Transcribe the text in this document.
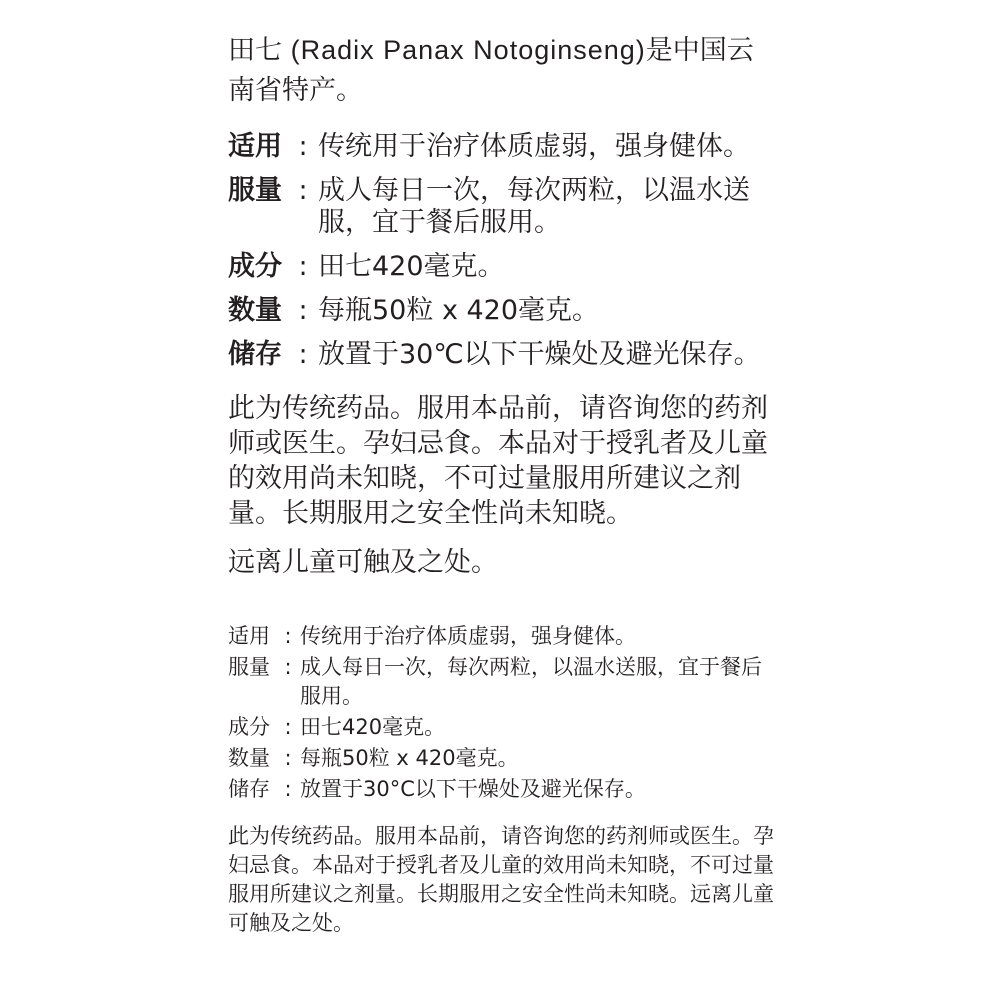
田七 (Radix Panax Notoginseng)是中国云南省特产。

适用 : 传统用于治疗体质虚弱，强身健体。
服量 : 成人每日一次，每次两粒，以温水送服，宜于餐后服用。
成分 : 田七420毫克。
数量 : 每瓶50粒 x 420毫克。
储存 : 放置于30℃以下干燥处及避光保存。

此为传统药品。服用本品前，请咨询您的药剂师或医生。孕妇忌食。本品对于授乳者及儿童的效用尚未知晓，不可过量服用所建议之剂量。长期服用之安全性尚未知晓。

远离儿童可触及之处。

适用 : 传统用于治疗体质虚弱，强身健体。
服量 : 成人每日一次，每次两粒，以温水送服，宜于餐后服用。
成分 : 田七420毫克。
数量 : 每瓶50粒 x 420毫克。
储存 : 放置于30°C以下干燥处及避光保存。

此为传统药品。服用本品前，请咨询您的药剂师或医生。孕妇忌食。本品对于授乳者及儿童的效用尚未知晓，不可过量服用所建议之剂量。长期服用之安全性尚未知晓。远离儿童可触及之处。
